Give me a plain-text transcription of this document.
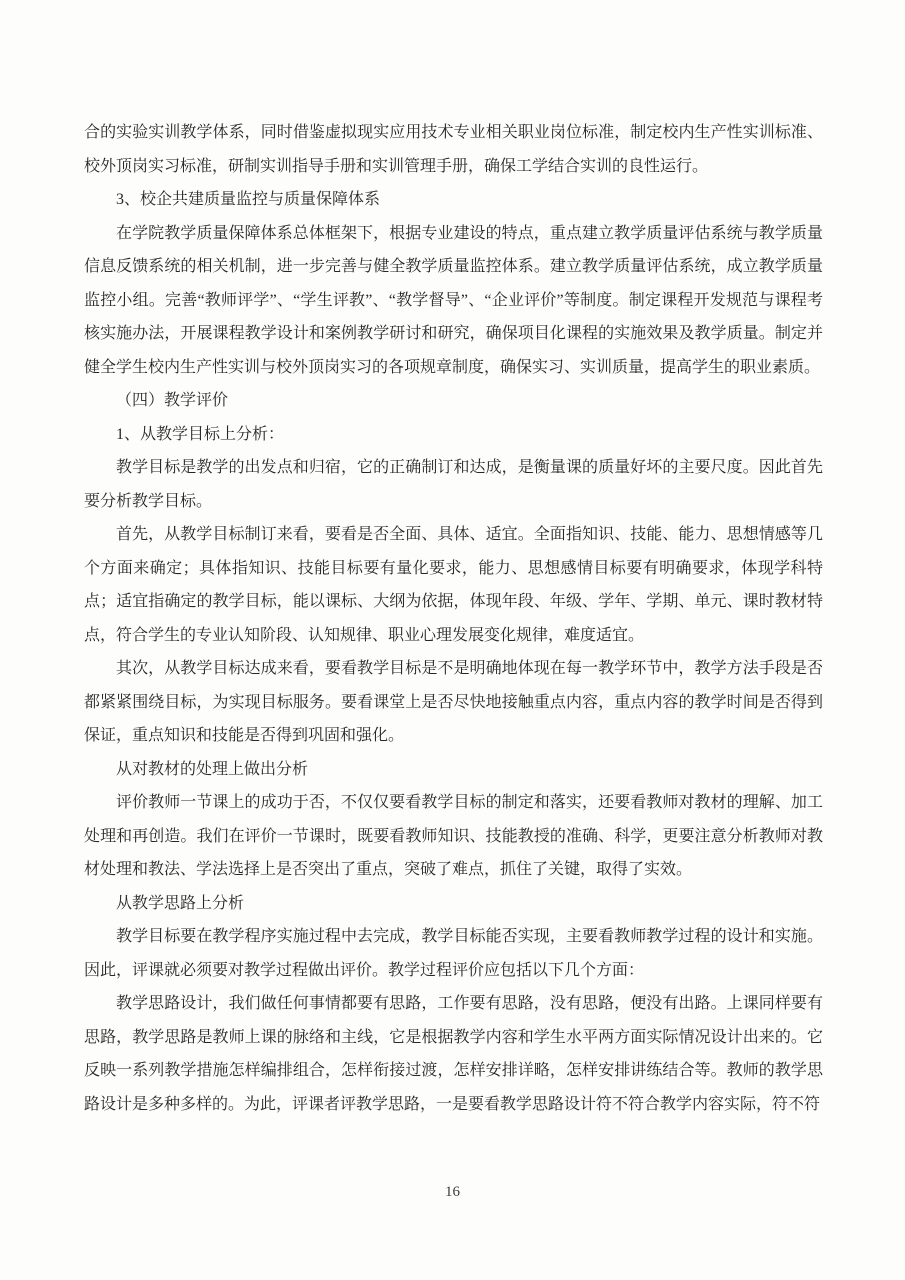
合的实验实训教学体系，同时借鉴虚拟现实应用技术专业相关职业岗位标准，制定校内生产性实训标准、校外顶岗实习标准，研制实训指导手册和实训管理手册，确保工学结合实训的良性运行。

3、校企共建质量监控与质量保障体系

在学院教学质量保障体系总体框架下，根据专业建设的特点，重点建立教学质量评估系统与教学质量信息反馈系统的相关机制，进一步完善与健全教学质量监控体系。建立教学质量评估系统，成立教学质量监控小组。完善“教师评学”、“学生评教”、“教学督导”、“企业评价”等制度。制定课程开发规范与课程考核实施办法，开展课程教学设计和案例教学研讨和研究，确保项目化课程的实施效果及教学质量。制定并健全学生校内生产性实训与校外顶岗实习的各项规章制度，确保实习、实训质量，提高学生的职业素质。

（四）教学评价

1、从教学目标上分析：

教学目标是教学的出发点和归宿，它的正确制订和达成，是衡量课的质量好坏的主要尺度。因此首先要分析教学目标。

首先，从教学目标制订来看，要看是否全面、具体、适宜。全面指知识、技能、能力、思想情感等几个方面来确定；具体指知识、技能目标要有量化要求，能力、思想感情目标要有明确要求，体现学科特点；适宜指确定的教学目标，能以课标、大纲为依据，体现年段、年级、学年、学期、单元、课时教材特点，符合学生的专业认知阶段、认知规律、职业心理发展变化规律，难度适宜。

其次，从教学目标达成来看，要看教学目标是不是明确地体现在每一教学环节中，教学方法手段是否都紧紧围绕目标，为实现目标服务。要看课堂上是否尽快地接触重点内容，重点内容的教学时间是否得到保证，重点知识和技能是否得到巩固和强化。

从对教材的处理上做出分析

评价教师一节课上的成功于否，不仅仅要看教学目标的制定和落实，还要看教师对教材的理解、加工处理和再创造。我们在评价一节课时，既要看教师知识、技能教授的准确、科学，更要注意分析教师对教材处理和教法、学法选择上是否突出了重点，突破了难点，抓住了关键，取得了实效。

从教学思路上分析

教学目标要在教学程序实施过程中去完成，教学目标能否实现，主要看教师教学过程的设计和实施。因此，评课就必须要对教学过程做出评价。教学过程评价应包括以下几个方面：

教学思路设计，我们做任何事情都要有思路，工作要有思路，没有思路，便没有出路。上课同样要有思路，教学思路是教师上课的脉络和主线，它是根据教学内容和学生水平两方面实际情况设计出来的。它反映一系列教学措施怎样编排组合，怎样衔接过渡，怎样安排详略，怎样安排讲练结合等。教师的教学思路设计是多种多样的。为此，评课者评教学思路，一是要看教学思路设计符不符合教学内容实际，符不符

16
